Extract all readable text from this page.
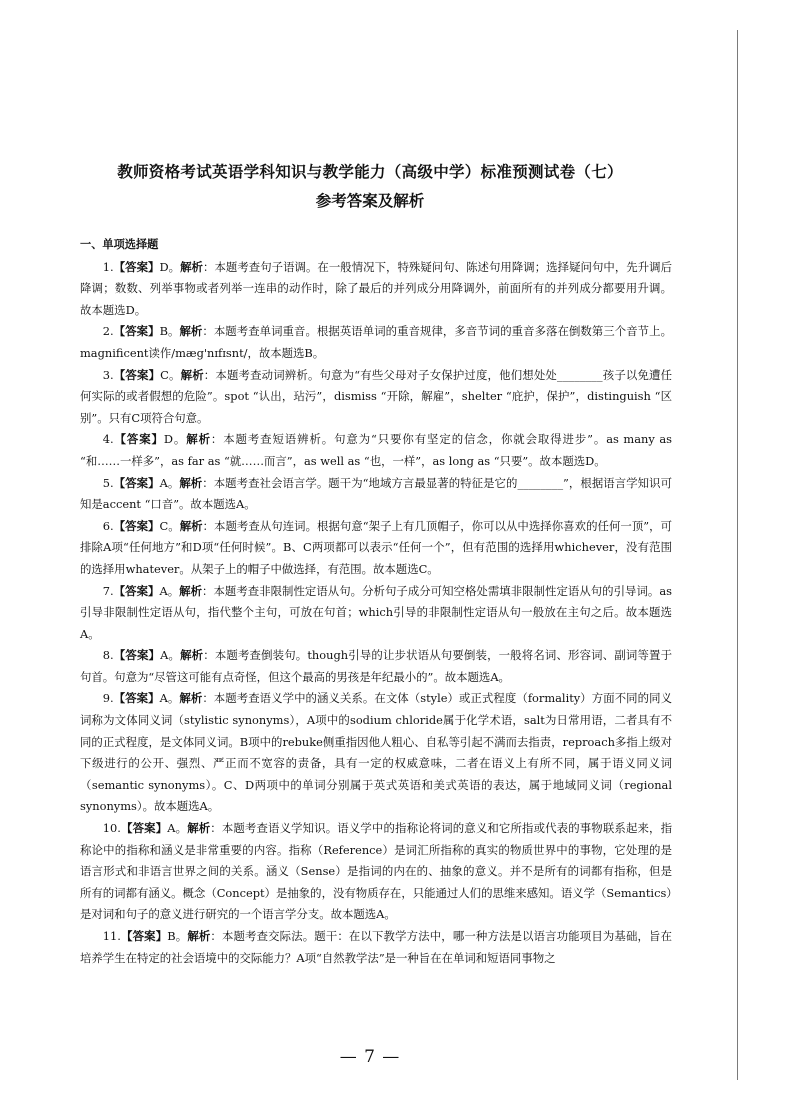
教师资格考试英语学科知识与教学能力（高级中学）标准预测试卷（七）
参考答案及解析
一、单项选择题

1.【答案】D。解析：本题考查句子语调。在一般情况下，特殊疑问句、陈述句用降调；选择疑问句中，先升调后降调；数数、列举事物或者列举一连串的动作时，除了最后的并列成分用降调外，前面所有的并列成分都要用升调。故本题选D。

2.【答案】B。解析：本题考查单词重音。根据英语单词的重音规律，多音节词的重音多落在倒数第三个音节上。magnificent读作/mæg'nɪfɪsnt/，故本题选B。

3.【答案】C。解析：本题考查动词辨析。句意为“有些父母对子女保护过度，他们想处处________孩子以免遭任何实际的或者假想的危险”。spot “认出，玷污”，dismiss “开除，解雇”，shelter “庇护，保护”，distinguish “区别”。只有C项符合句意。

4.【答案】D。解析：本题考查短语辨析。句意为“只要你有坚定的信念，你就会取得进步”。as many as “和……一样多”，as far as “就……而言”，as well as “也，一样”，as long as “只要”。故本题选D。

5.【答案】A。解析：本题考查社会语言学。题干为“地域方言最显著的特征是它的________”，根据语言学知识可知是accent “口音”。故本题选A。

6.【答案】C。解析：本题考查从句连词。根据句意“架子上有几顶帽子，你可以从中选择你喜欢的任何一顶”，可排除A项“任何地方”和D项“任何时候”。B、C两项都可以表示“任何一个”，但有范围的选择用whichever，没有范围的选择用whatever。从架子上的帽子中做选择，有范围。故本题选C。

7.【答案】A。解析：本题考查非限制性定语从句。分析句子成分可知空格处需填非限制性定语从句的引导词。as引导非限制性定语从句，指代整个主句，可放在句首；which引导的非限制性定语从句一般放在主句之后。故本题选A。

8.【答案】A。解析：本题考查倒装句。though引导的让步状语从句要倒装，一般将名词、形容词、副词等置于句首。句意为“尽管这可能有点奇怪，但这个最高的男孩是年纪最小的”。故本题选A。

9.【答案】A。解析：本题考查语义学中的涵义关系。在文体（style）或正式程度（formality）方面不同的同义词称为文体同义词（stylistic synonyms），A项中的sodium chloride属于化学术语，salt为日常用语，二者具有不同的正式程度，是文体同义词。B项中的rebuke侧重指因他人粗心、自私等引起不满而去指责，reproach多指上级对下级进行的公开、强烈、严正而不宽容的责备，具有一定的权威意味，二者在语义上有所不同，属于语义同义词（semantic synonyms）。C、D两项中的单词分别属于英式英语和美式英语的表达，属于地域同义词（regional synonyms）。故本题选A。

10.【答案】A。解析：本题考查语义学知识。语义学中的指称论将词的意义和它所指或代表的事物联系起来，指称论中的指称和涵义是非常重要的内容。指称（Reference）是词汇所指称的真实的物质世界中的事物，它处理的是语言形式和非语言世界之间的关系。涵义（Sense）是指词的内在的、抽象的意义。并不是所有的词都有指称，但是所有的词都有涵义。概念（Concept）是抽象的，没有物质存在，只能通过人们的思维来感知。语义学（Semantics）是对词和句子的意义进行研究的一个语言学分支。故本题选A。

11.【答案】B。解析：本题考查交际法。题干：在以下教学方法中，哪一种方法是以语言功能项目为基础，旨在培养学生在特定的社会语境中的交际能力？A项“自然教学法”是一种旨在在单词和短语同事物之

— 7 —
